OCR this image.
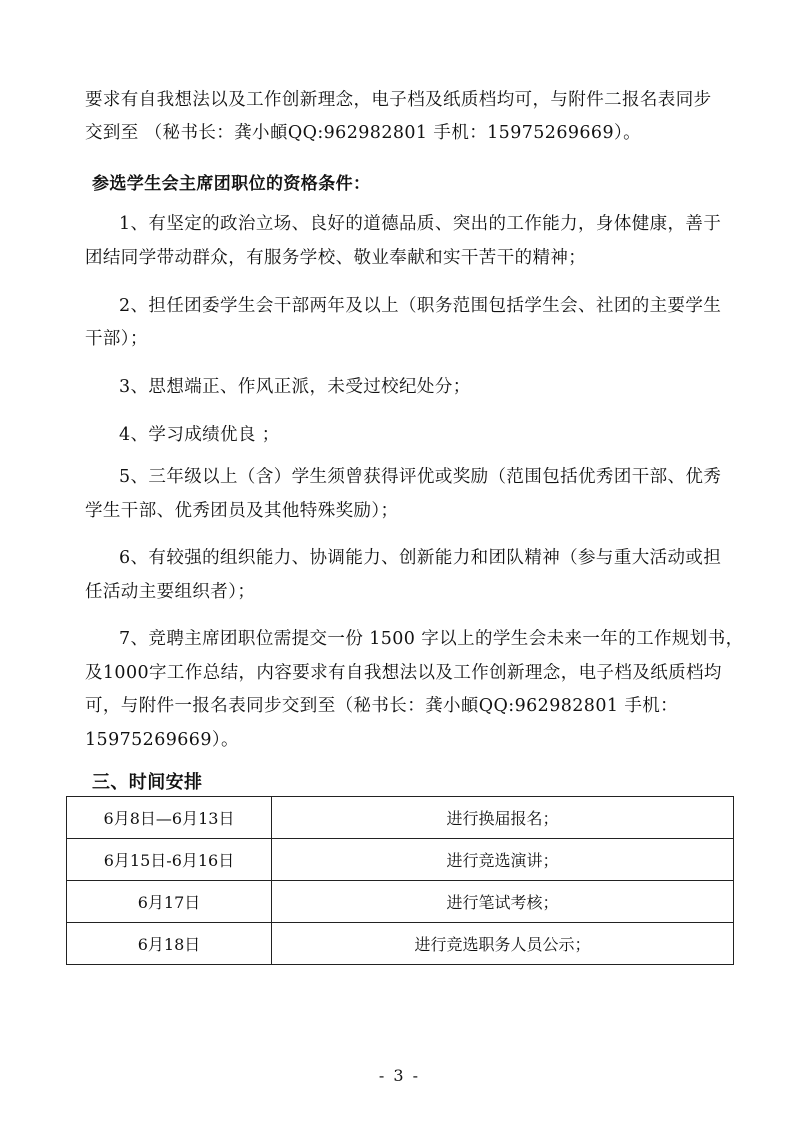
要求有自我想法以及工作创新理念，电子档及纸质档均可，与附件二报名表同步
交到至 （秘书长：龚小頔QQ:962982801 手机：15975269669）。
参选学生会主席团职位的资格条件：
1、有坚定的政治立场、良好的道德品质、突出的工作能力，身体健康，善于
团结同学带动群众，有服务学校、敬业奉献和实干苦干的精神；
2、担任团委学生会干部两年及以上（职务范围包括学生会、社团的主要学生
干部）；
3、思想端正、作风正派，未受过校纪处分；
4、学习成绩优良 ；
5、三年级以上（含）学生须曾获得评优或奖励（范围包括优秀团干部、优秀
学生干部、优秀团员及其他特殊奖励）；
6、有较强的组织能力、协调能力、创新能力和团队精神（参与重大活动或担
任活动主要组织者）；
7、竞聘主席团职位需提交一份 1500 字以上的学生会未来一年的工作规划书，
及1000字工作总结，内容要求有自我想法以及工作创新理念，电子档及纸质档均
可，与附件一报名表同步交到至（秘书长：龚小頔QQ:962982801 手机：
15975269669）。
三、时间安排
6月8日—6月13日	进行换届报名；
6月15日-6月16日	进行竞选演讲；
6月17日	进行笔试考核；
6月18日	进行竞选职务人员公示；
- 3 -
